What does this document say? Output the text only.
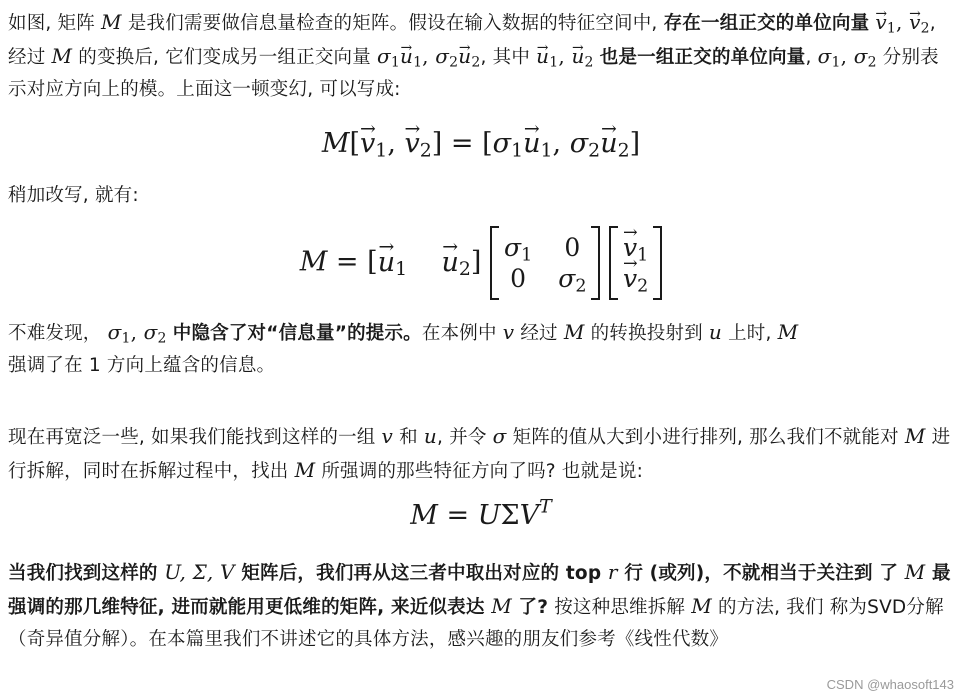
如图, 矩阵 M 是我们需要做信息量检查的矩阵。假设在输入数据的特征空间中, 存在一组正交的单位向量 → $v_1$, → $v_2$, 经过 M 的变换后, 它们变成另一组正交向量 $\sigma_1\to u_1$, $\sigma_2\to u_2$, 其中 → $u_1$, → $u_2$ 也是一组正交的单位向量, $\sigma_1$, $\sigma_2$ 分别表示对应方向上的模。上面这一顿变幻, 可以写成:
$M[\to v_1$, → $v_2] = [\sigma_1\to u_1$, $\sigma_2\to u_2$]
稍加改写, 就有:
M = [→ $u_1$    → $u_2$] $\sigma_1$ 0
0 $\sigma_2$

→ $v_1$
→ $v_2$
不难发现， $\sigma_1$, $\sigma_2$ 中隐含了对“信息量”的提示。在本例中 v 经过 M 的转换投射到 u 上时, M
强调了在 1 方向上蕴含的信息。
现在再宽泛一些, 如果我们能找到这样的一组 v 和 u, 并令 σ 矩阵的值从大到小进行排列, 那么我们不就能对 M 进行拆解，同时在拆解过程中，找出 M 所强调的那些特征方向了吗? 也就是说:
$M = U\Sigma V^T$
当我们找到这样的 U, Σ, V 矩阵后，我们再从这三者中取出对应的 top r 行 (或列)，不就相当于关注到 了 M 最强调的那几维特征, 进而就能用更低维的矩阵, 来近似表达 M 了? 按这种思维拆解 M 的方法, 我们 称为SVD分解（奇异值分解）。在本篇里我们不讲述它的具体方法，感兴趣的朋友们参考《线性代数》
CSDN @whaosoft143
